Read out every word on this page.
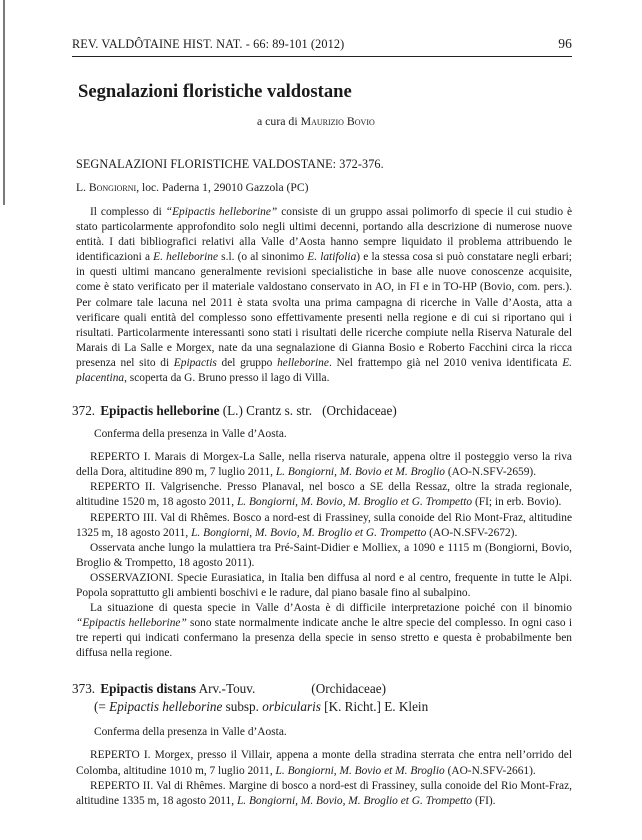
REV. VALDÔTAINE HIST. NAT. - 66: 89-101 (2012)	96
Segnalazioni floristiche valdostane
a cura di Maurizio Bovio
SEGNALAZIONI FLORISTICHE VALDOSTANE: 372-376.
L. Bongiorni, loc. Paderna 1, 29010 Gazzola (PC)

Il complesso di “Epipactis helleborine” consiste di un gruppo assai polimorfo di specie il cui studio è stato particolarmente approfondito solo negli ultimi decenni, portando alla descrizione di numerose nuove entità. I dati bibliografici relativi alla Valle d’Aosta hanno sempre liquidato il problema attribuendo le identificazioni a E. helleborine s.l. (o al sinonimo E. latifolia) e la stessa cosa si può constatare negli erbari; in questi ultimi mancano generalmente revisioni specialistiche in base alle nuove conoscenze acquisite, come è stato verificato per il materiale valdostano conservato in AO, in FI e in TO-HP (Bovio, com. pers.). Per colmare tale lacuna nel 2011 è stata svolta una prima campagna di ricerche in Valle d’Aosta, atta a verificare quali entità del complesso sono effettivamente presenti nella regione e di cui si riportano qui i risultati. Particolarmente interessanti sono stati i risultati delle ricerche compiute nella Riserva Naturale del Marais di La Salle e Morgex, nate da una segnalazione di Gianna Bosio e Roberto Facchini circa la ricca presenza nel sito di Epipactis del gruppo helleborine. Nel frattempo già nel 2010 veniva identificata E. placentina, scoperta da G. Bruno presso il lago di Villa.

372. Epipactis helleborine (L.) Crantz s. str. (Orchidaceae)
Conferma della presenza in Valle d’Aosta.

REPERTO I. Marais di Morgex-La Salle, nella riserva naturale, appena oltre il posteggio verso la riva della Dora, altitudine 890 m, 7 luglio 2011, L. Bongiorni, M. Bovio et M. Broglio (AO-N.SFV-2659).

REPERTO II. Valgrisenche. Presso Planaval, nel bosco a SE della Ressaz, oltre la strada regionale, altitudine 1520 m, 18 agosto 2011, L. Bongiorni, M. Bovio, M. Broglio et G. Trompetto (FI; in erb. Bovio).

REPERTO III. Val di Rhêmes. Bosco a nord-est di Frassiney, sulla conoide del Rio Mont-Fraz, altitudine 1325 m, 18 agosto 2011, L. Bongiorni, M. Bovio, M. Broglio et G. Trompetto (AO-N.SFV-2672).

Osservata anche lungo la mulattiera tra Pré-Saint-Didier e Molliex, a 1090 e 1115 m (Bongiorni, Bovio, Broglio & Trompetto, 18 agosto 2011).

OSSERVAZIONI. Specie Eurasiatica, in Italia ben diffusa al nord e al centro, frequente in tutte le Alpi. Popola soprattutto gli ambienti boschivi e le radure, dal piano basale fino al subalpino.

La situazione di questa specie in Valle d’Aosta è di difficile interpretazione poiché con il binomio “Epipactis helleborine” sono state normalmente indicate anche le altre specie del complesso. In ogni caso i tre reperti qui indicati confermano la presenza della specie in senso stretto e questa è probabilmente ben diffusa nella regione.

373. Epipactis distans Arv.-Touv.	(Orchidaceae)
(= Epipactis helleborine subsp. orbicularis [K. Richt.] E. Klein
Conferma della presenza in Valle d’Aosta.

REPERTO I. Morgex, presso il Villair, appena a monte della stradina sterrata che entra nell’orrido del Colomba, altitudine 1010 m, 7 luglio 2011, L. Bongiorni, M. Bovio et M. Broglio (AO-N.SFV-2661).

REPERTO II. Val di Rhêmes. Margine di bosco a nord-est di Frassiney, sulla conoide del Rio Mont-Fraz, altitudine 1335 m, 18 agosto 2011, L. Bongiorni, M. Bovio, M. Broglio et G. Trompetto (FI).
